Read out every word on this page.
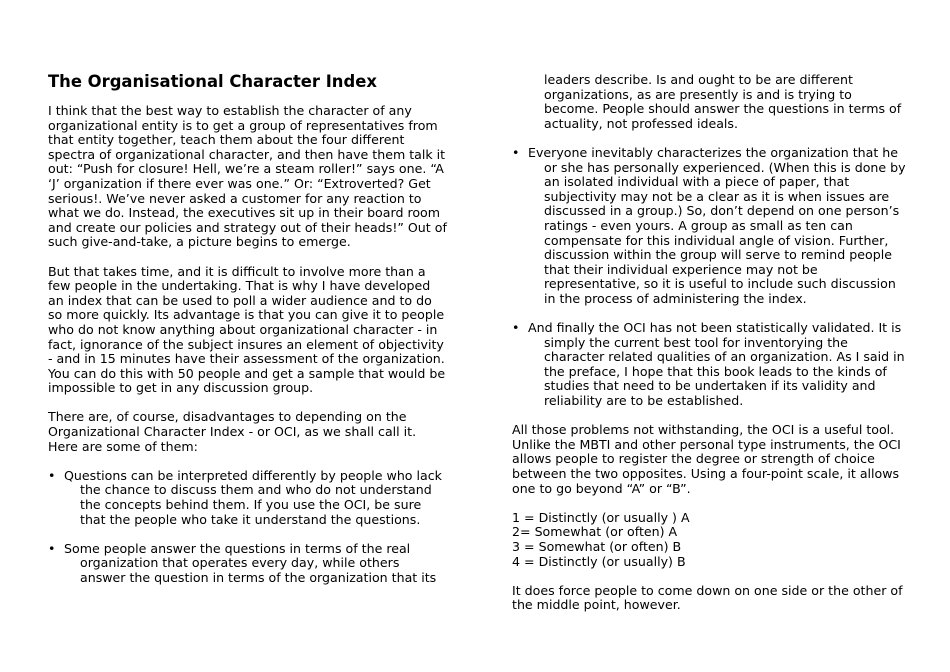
The Organisational Character Index

I think that the best way to establish the character of any organizational entity is to get a group of representatives from that entity together, teach them about the four different spectra of organizational character, and then have them talk it out: “Push for closure! Hell, we’re a steam roller!” says one. “A ‘J’ organization if there ever was one.” Or: “Extroverted? Get serious!. We’ve never asked a customer for any reaction to what we do. Instead, the executives sit up in their board room and create our policies and strategy out of their heads!” Out of such give-and-take, a picture begins to emerge.

But that takes time, and it is difficult to involve more than a few people in the undertaking. That is why I have developed an index that can be used to poll a wider audience and to do so more quickly. Its advantage is that you can give it to people who do not know anything about organizational character - in fact, ignorance of the subject insures an element of objectivity - and in 15 minutes have their assessment of the organization. You can do this with 50 people and get a sample that would be impossible to get in any discussion group.

There are, of course, disadvantages to depending on the Organizational Character Index - or OCI, as we shall call it. Here are some of them:

• Questions can be interpreted differently by people who lack the chance to discuss them and who do not understand the concepts behind them. If you use the OCI, be sure that the people who take it understand the questions.
• Some people answer the questions in terms of the real organization that operates every day, while others answer the question in terms of the organization that its
leaders describe. Is and ought to be are different organizations, as are presently is and is trying to become. People should answer the questions in terms of actuality, not professed ideals.
• Everyone inevitably characterizes the organization that he or she has personally experienced. (When this is done by an isolated individual with a piece of paper, that subjectivity may not be a clear as it is when issues are discussed in a group.) So, don’t depend on one person’s ratings - even yours. A group as small as ten can compensate for this individual angle of vision. Further, discussion within the group will serve to remind people that their individual experience may not be representative, so it is useful to include such discussion in the process of administering the index.
• And finally the OCI has not been statistically validated. It is simply the current best tool for inventorying the character related qualities of an organization. As I said in the preface, I hope that this book leads to the kinds of studies that need to be undertaken if its validity and reliability are to be established.

All those problems not withstanding, the OCI is a useful tool. Unlike the MBTI and other personal type instruments, the OCI allows people to register the degree or strength of choice between the two opposites. Using a four-point scale, it allows one to go beyond “A” or “B”.

1 = Distinctly (or usually ) A
2= Somewhat (or often) A
3 = Somewhat (or often) B
4 = Distinctly (or usually) B

It does force people to come down on one side or the other of the middle point, however.
